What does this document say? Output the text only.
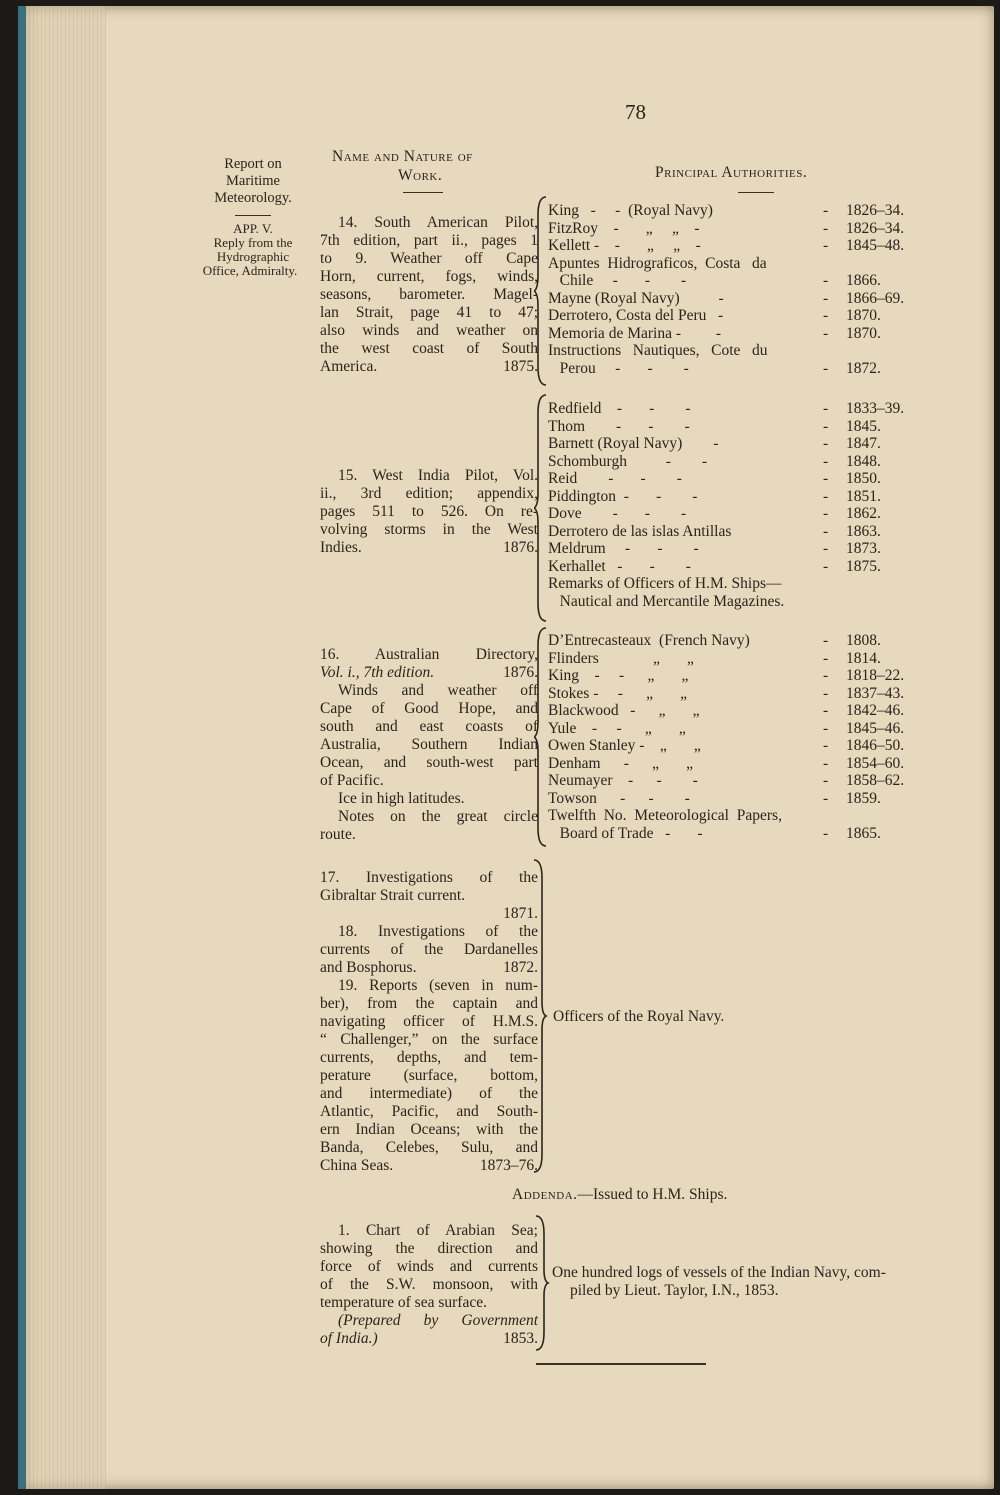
78
Report on
Maritime
Meteorology.
APP. V.
Reply from the
Hydrographic
Office, Admiralty.
Name and Nature of
Work.	Principal Authorities.
14. South American Pilot,
7th edition, part ii., pages 1
to 9. Weather off Cape
Horn, current, fogs, winds,
seasons, barometer. Magel-
lan Strait, page 41 to 47;
also winds and weather on
the west coast of South
America.	1875.
King   -     -  (Royal Navy)	- 1826–34.
FitzRoy    -       „     „    -	- 1826–34.
Kellett -    -       „     „    -	- 1845–48.
Apuntes  Hidrograficos,  Costa   da
Chile     -       -        -	- 1866.
Mayne (Royal Navy)          -	- 1866–69.
Derrotero, Costa del Peru   -	- 1870.
Memoria de Marina -         -	- 1870.
Instructions   Nautiques,   Cote   du
Perou     -       -        -	- 1872.
15. West India Pilot, Vol.
ii., 3rd edition; appendix,
pages 511 to 526. On re-
volving storms in the West
Indies.	1876.
Redfield    -       -        -	- 1833–39.
Thom        -       -        -	- 1845.
Barnett (Royal Navy)        -	- 1847.
Schomburgh          -        -	- 1848.
Reid        -       -        -	- 1850.
Piddington  -       -        -	- 1851.
Dove        -       -        -	- 1862.
Derrotero de las islas Antillas	- 1863.
Meldrum     -       -        -	- 1873.
Kerhallet   -       -        -	- 1875.
Remarks of Officers of H.M. Ships—
Nautical and Mercantile Magazines.
16. Australian Directory,
Vol. i., 7th edition.	1876.
Winds and weather off
Cape of Good Hope, and
south and east coasts of
Australia, Southern Indian
Ocean, and south-west part
of Pacific.
Ice in high latitudes.
Notes on the great circle
route.
D’Entrecasteaux  (French Navy)	- 1808.
Flinders              „       „	- 1814.
King    -     -      „       „	- 1818–22.
Stokes -     -      „       „	- 1837–43.
Blackwood   -      „       „	- 1842–46.
Yule    -     -      „       „	- 1845–46.
Owen Stanley -    „       „	- 1846–50.
Denham      -      „       „	- 1854–60.
Neumayer    -      -        -	- 1858–62.
Towson      -      -        -	- 1859.
Twelfth  No.  Meteorological  Papers,
Board of Trade   -       -	- 1865.
17. Investigations of the
Gibraltar Strait current.
1871.
18. Investigations of the
currents of the Dardanelles
and Bosphorus.	1872.
19. Reports (seven in num-
ber), from the captain and
navigating officer of H.M.S.
“ Challenger,” on the surface
currents, depths, and tem-
perature (surface, bottom,
and intermediate) of the
Atlantic, Pacific, and South-
ern Indian Oceans; with the
Banda, Celebes, Sulu, and
China Seas.	1873–76.
Officers of the Royal Navy.
Addenda.—Issued to H.M. Ships.
1. Chart of Arabian Sea;
showing the direction and
force of winds and currents
of the S.W. monsoon, with
temperature of sea surface.
(Prepared by Government
of India.)	1853.
One hundred logs of vessels of the Indian Navy, com-
piled by Lieut. Taylor, I.N., 1853.
